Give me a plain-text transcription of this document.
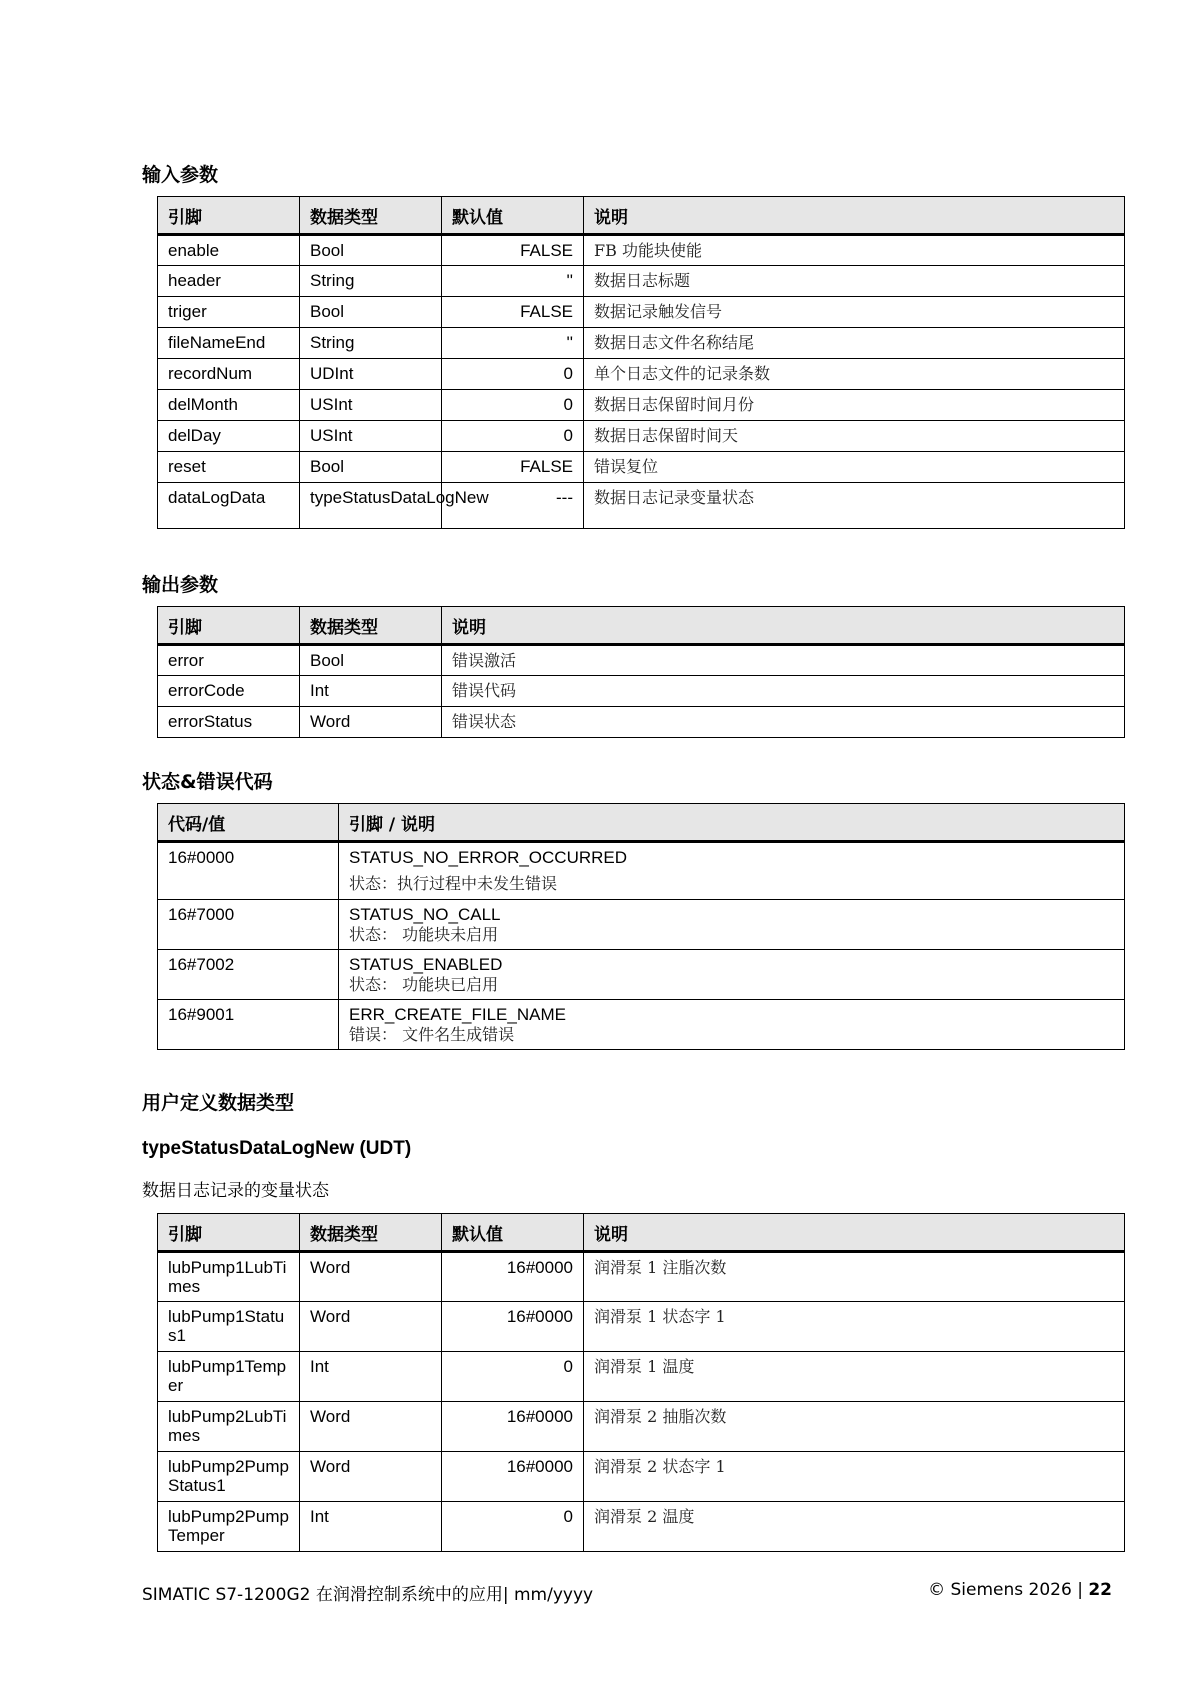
输入参数
引脚	数据类型	默认值	说明
enable	Bool	FALSE	FB 功能块使能
header	String	''	数据日志标题
triger	Bool	FALSE	数据记录触发信号
fileNameEnd	String	''	数据日志文件名称结尾
recordNum	UDInt	0	单个日志文件的记录条数
delMonth	USInt	0	数据日志保留时间月份
delDay	USInt	0	数据日志保留时间天
reset	Bool	FALSE	错误复位
dataLogData	typeStatusDataLogNew	---	数据日志记录变量状态
输出参数
引脚	数据类型	说明
error	Bool	错误激活
errorCode	Int	错误代码
errorStatus	Word	错误状态
状态&错误代码
代码/值	引脚 / 说明
16#0000	STATUS_NO_ERROR_OCCURRED
状态：执行过程中未发生错误

16#7000	STATUS_NO_CALL
状态： 功能块未启用

16#7002	STATUS_ENABLED
状态： 功能块已启用

16#9001	ERR_CREATE_FILE_NAME
错误： 文件名生成错误
用户定义数据类型
typeStatusDataLogNew (UDT)
数据日志记录的变量状态
引脚	数据类型	默认值	说明
lubPump1LubTimes	Word	16#0000	润滑泵 1 注脂次数
lubPump1Status1	Word	16#0000	润滑泵 1 状态字 1
lubPump1Temper	Int	0	润滑泵 1 温度
lubPump2LubTimes	Word	16#0000	润滑泵 2 抽脂次数
lubPump2PumpStatus1	Word	16#0000	润滑泵 2 状态字 1
lubPump2PumpTemper	Int	0	润滑泵 2 温度
SIMATIC S7-1200G2 在润滑控制系统中的应用| mm/yyyy	© Siemens 2026 | 22
